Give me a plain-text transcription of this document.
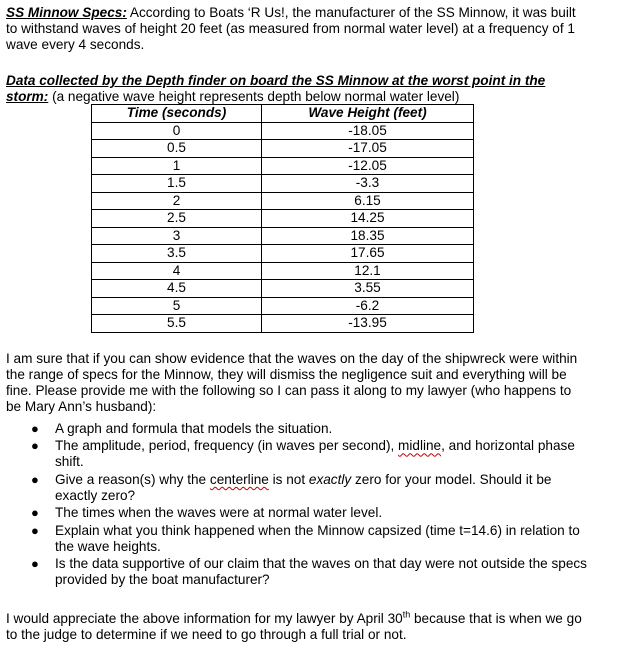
SS Minnow Specs: According to Boats ‘R Us!, the manufacturer of the SS Minnow, it was built
to withstand waves of height 20 feet (as measured from normal water level) at a frequency of 1
wave every 4 seconds.
Data collected by the Depth finder on board the SS Minnow at the worst point in the
storm: (a negative wave height represents depth below normal water level)
Time (seconds)	Wave Height (feet)
0	-18.05
0.5	-17.05
1	-12.05
1.5	-3.3
2	6.15
2.5	14.25
3	18.35
3.5	17.65
4	12.1
4.5	3.55
5	-6.2
5.5	-13.95
I am sure that if you can show evidence that the waves on the day of the shipwreck were within
the range of specs for the Minnow, they will dismiss the negligence suit and everything will be
fine. Please provide me with the following so I can pass it along to my lawyer (who happens to
be Mary Ann’s husband):
● A graph and formula that models the situation.
● The amplitude, period, frequency (in waves per second), midline, and horizontal phase
shift.
● Give a reason(s) why the centerline is not exactly zero for your model. Should it be
exactly zero?
● The times when the waves were at normal water level.
● Explain what you think happened when the Minnow capsized (time t=14.6) in relation to
the wave heights.
● Is the data supportive of our claim that the waves on that day were not outside the specs
provided by the boat manufacturer?
I would appreciate the above information for my lawyer by April 30th because that is when we go
to the judge to determine if we need to go through a full trial or not.
